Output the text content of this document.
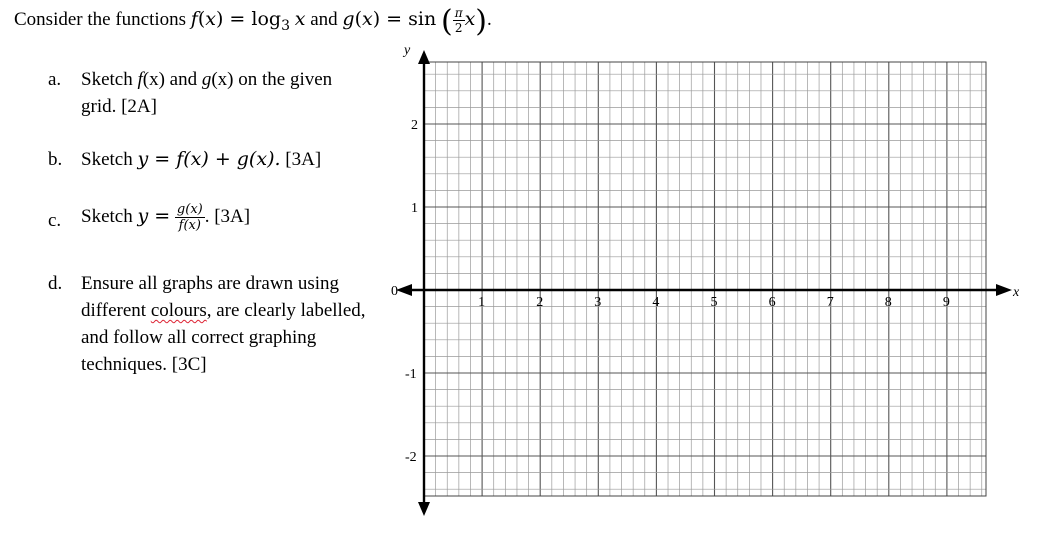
Consider the functions $f(x) = \log_3 x$ and g(x) = sin ( $\frac{\pi}{2} x$).
a. Sketch f(x) and g(x) on the given grid. [2A]
b. Sketch y = f(x) + g(x). [3A]
c. Sketch $y = \frac{g(x)}{f(x)}$ . [3A]
d. Ensure all graphs are drawn using different colours, are clearly labelled, and follow all correct graphing techniques. [3C]
x
y
1	2	3	4	5	6	7	8	9
2
1
0
-1
-2
